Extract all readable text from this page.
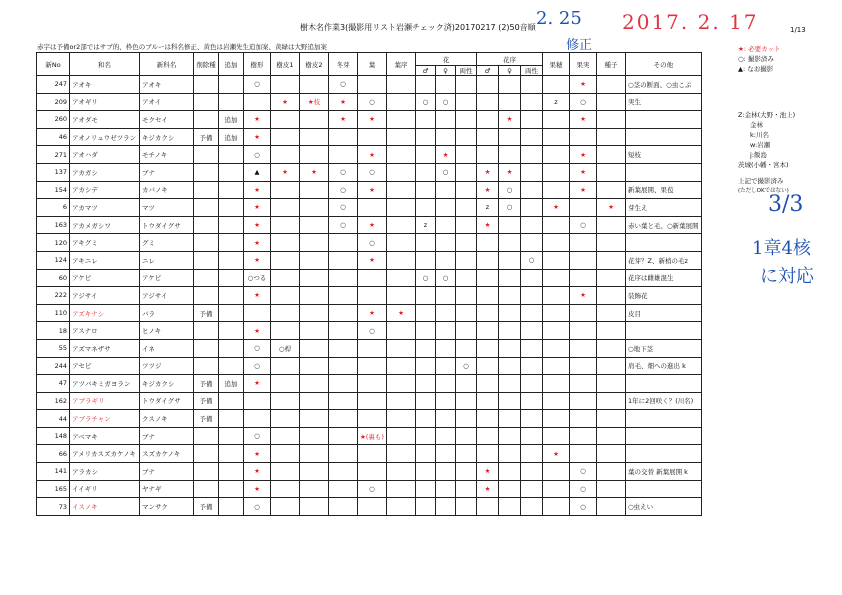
樹木名作業3(撮影用リスト岩瀬チェック済)20170217 (2)50音順	1/13
赤字は予備or2部ではサブ的、枠色のブルーは科名修正、黄色は岩瀬先生追加案、黄緑は大野追加案
2. 25
修正
2017. 2. 17
3/3
1章4核
に対応
新No	和名	新科名	削除種	追加	樹形	樹皮1	樹皮2	冬芽	葉	葉序	花			花序			果穂	果実	種子	その他
											♂	♀	両性	♂	♀	両性				
247	アオキ	アオキ			○			○										★		○茎の断面、○虫こぶ
209	アオギリ	アオイ				★	★枝	★	○		○	○					z	○		実生
260	アオダモ	モクセイ		追加	★			★	★						★			★		
46	アオノリュウゼツラン	キジカクシ	予備	追加	★															
271	アオハダ	モチノキ			○				★			★						★		短枝
137	アカガシ	ブナ			▲	★	★	○	○			○		★	★			★		
154	アカシデ	カバノキ			★			○	★					★	○			★		新葉展開、果苞
6	アカマツ	マツ			★			○						z	○		★		★	芽生え
163	アカメガシワ	トウダイグサ			★			○	★		z			★				○		赤い葉と毛、○新葉展開
120	アキグミ	グミ			★				○											
124	アキニレ	ニレ			★				★							○				花芽？Z、新梢の毛z
60	アケビ	アケビ			○つる						○	○								花序は雌雄混生
222	アジサイ	アジサイ			★													★		装飾花
110	アズキナシ	バラ	予備						★	★										皮目
18	アスナロ	ヒノキ			★				○											
55	アズマネザサ	イネ			○	○桿														○地下茎
244	アセビ	ツツジ			○								○							肩毛、畑への進出 k
47	アツバキミガヨラン	キジカクシ	予備	追加	★															
162	アブラギリ	トウダイグサ	予備																	1年に2回咲く？(川名)
44	アブラチャン	クスノキ	予備																	
148	アベマキ	ブナ			○				★(裏も)											
66	アメリカスズカケノキ	スズカケノキ			★												★			
141	アラカシ	ブナ			★									★				○		葉の交替 新葉展開 k
165	イイギリ	ヤナギ			★				○					★				○		
73	イスノキ	マンサク	予備		○													○		○虫えい
★: 必要カット
○: 撮影済み
▲: なお撮影
Z:金林(大野・池上)
金林
k:川名
w:岩瀬
j:飯島
茨城(小幡・宮本)
上記で撮影済み
(ただしOKではない)
